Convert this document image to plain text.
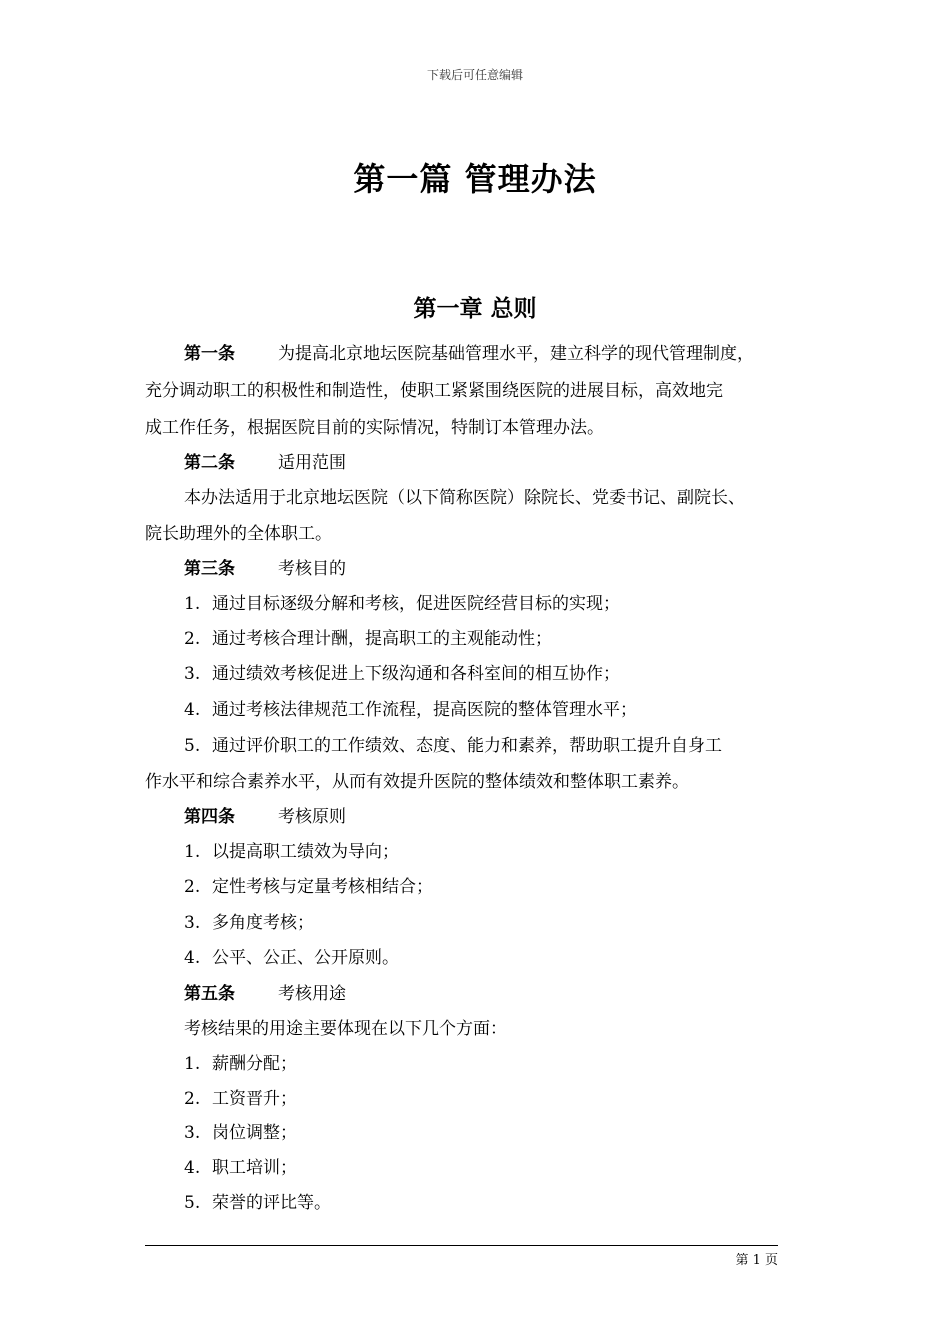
下载后可任意编辑
第一篇 管理办法
第一章 总则
第一条	为提高北京地坛医院基础管理水平，建立科学的现代管理制度，
充分调动职工的积极性和制造性，使职工紧紧围绕医院的进展目标，高效地完
成工作任务，根据医院目前的实际情况，特制订本管理办法。
第二条	适用范围
本办法适用于北京地坛医院（以下简称医院）除院长、党委书记、副院长、
院长助理外的全体职工。
第三条	考核目的
1. 通过目标逐级分解和考核，促进医院经营目标的实现；
2. 通过考核合理计酬，提高职工的主观能动性；
3. 通过绩效考核促进上下级沟通和各科室间的相互协作；
4. 通过考核法律规范工作流程，提高医院的整体管理水平；
5. 通过评价职工的工作绩效、态度、能力和素养，帮助职工提升自身工
作水平和综合素养水平，从而有效提升医院的整体绩效和整体职工素养。
第四条	考核原则
1. 以提高职工绩效为导向；
2. 定性考核与定量考核相结合；
3. 多角度考核；
4. 公平、公正、公开原则。
第五条	考核用途
考核结果的用途主要体现在以下几个方面：
1. 薪酬分配；
2. 工资晋升；
3. 岗位调整；
4. 职工培训；
5. 荣誉的评比等。
第 1 页
